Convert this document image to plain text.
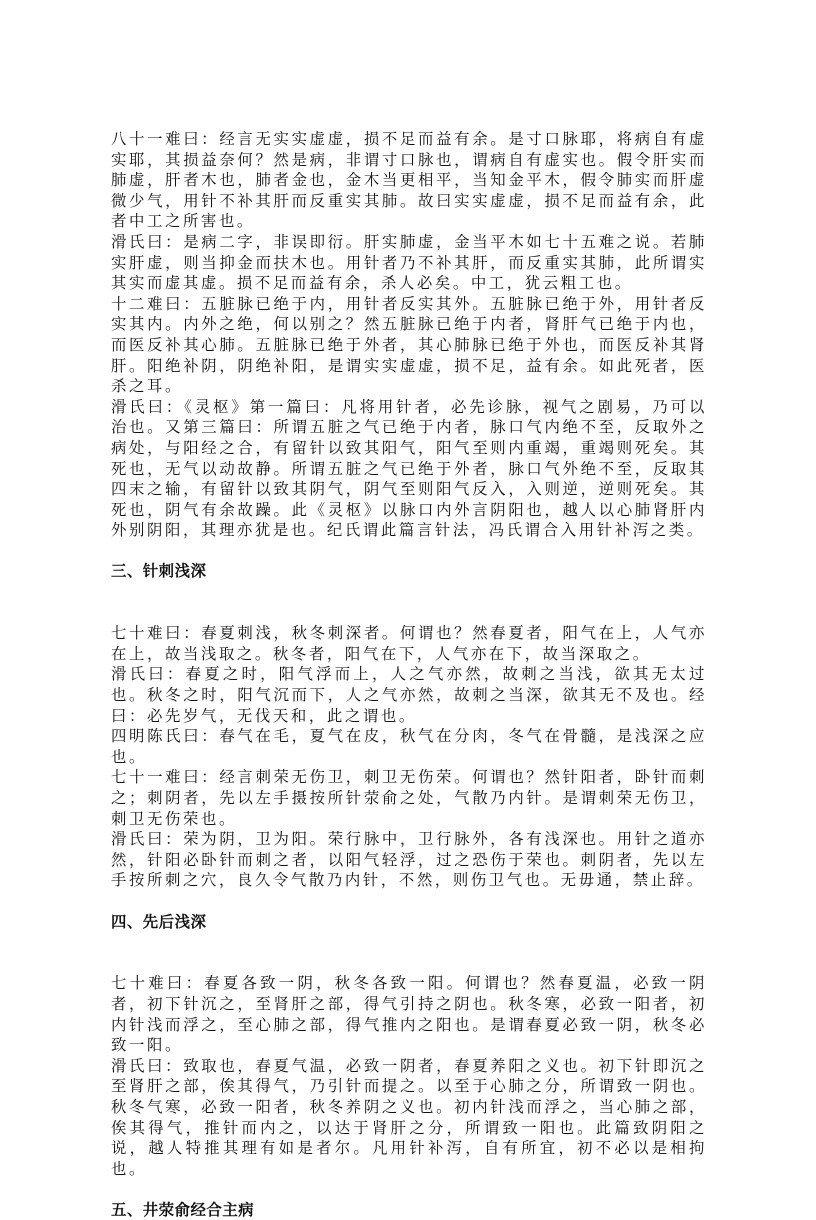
八十一难曰：经言无实实虚虚，损不足而益有余。是寸口脉耶，将病自有虚实耶，其损益奈何？然是病，非谓寸口脉也，谓病自有虚实也。假令肝实而肺虚，肝者木也，肺者金也，金木当更相平，当知金平木，假令肺实而肝虚微少气，用针不补其肝而反重实其肺。故曰实实虚虚，损不足而益有余，此者中工之所害也。

滑氏曰：是病二字，非误即衍。肝实肺虚，金当平木如七十五难之说。若肺实肝虚，则当抑金而扶木也。用针者乃不补其肝，而反重实其肺，此所谓实其实而虚其虚。损不足而益有余，杀人必矣。中工，犹云粗工也。

十二难曰：五脏脉已绝于内，用针者反实其外。五脏脉已绝于外，用针者反实其内。内外之绝，何以别之？然五脏脉已绝于内者，肾肝气已绝于内也，而医反补其心肺。五脏脉已绝于外者，其心肺脉已绝于外也，而医反补其肾肝。阳绝补阴，阴绝补阳，是谓实实虚虚，损不足，益有余。如此死者，医杀之耳。

滑氏曰：《灵枢》第一篇曰：凡将用针者，必先诊脉，视气之剧易，乃可以治也。又第三篇曰：所谓五脏之气已绝于内者，脉口气内绝不至，反取外之病处，与阳经之合，有留针以致其阳气，阳气至则内重竭，重竭则死矣。其死也，无气以动故静。所谓五脏之气已绝于外者，脉口气外绝不至，反取其四末之输，有留针以致其阴气，阴气至则阳气反入，入则逆，逆则死矣。其死也，阴气有余故躁。此《灵枢》以脉口内外言阴阳也，越人以心肺肾肝内外别阴阳，其理亦犹是也。纪氏谓此篇言针法，冯氏谓合入用针补泻之类。

三、针刺浅深

七十难曰：春夏刺浅，秋冬刺深者。何谓也？然春夏者，阳气在上，人气亦在上，故当浅取之。秋冬者，阳气在下，人气亦在下，故当深取之。

滑氏曰：春夏之时，阳气浮而上，人之气亦然，故刺之当浅，欲其无太过也。秋冬之时，阳气沉而下，人之气亦然，故刺之当深，欲其无不及也。经曰：必先岁气，无伐天和，此之谓也。

四明陈氏曰：春气在毛，夏气在皮，秋气在分肉，冬气在骨髓，是浅深之应也。

七十一难曰：经言刺荣无伤卫，刺卫无伤荣。何谓也？然针阳者，卧针而刺之；刺阴者，先以左手摄按所针荥俞之处，气散乃内针。是谓刺荣无伤卫，刺卫无伤荣也。

滑氏曰：荣为阴，卫为阳。荣行脉中，卫行脉外，各有浅深也。用针之道亦然，针阳必卧针而刺之者，以阳气轻浮，过之恐伤于荣也。刺阴者，先以左手按所刺之穴，良久令气散乃内针，不然，则伤卫气也。无毋通，禁止辞。

四、先后浅深

七十难曰：春夏各致一阴，秋冬各致一阳。何谓也？然春夏温，必致一阴者，初下针沉之，至肾肝之部，得气引持之阴也。秋冬寒，必致一阳者，初内针浅而浮之，至心肺之部，得气推内之阳也。是谓春夏必致一阴，秋冬必致一阳。

滑氏曰：致取也，春夏气温，必致一阴者，春夏养阳之义也。初下针即沉之至肾肝之部，俟其得气，乃引针而提之。以至于心肺之分，所谓致一阴也。秋冬气寒，必致一阳者，秋冬养阴之义也。初内针浅而浮之，当心肺之部，俟其得气，推针而内之，以达于肾肝之分，所谓致一阳也。此篇致阴阳之说，越人特推其理有如是者尔。凡用针补泻，自有所宜，初不必以是相拘也。

五、井荥俞经合主病
